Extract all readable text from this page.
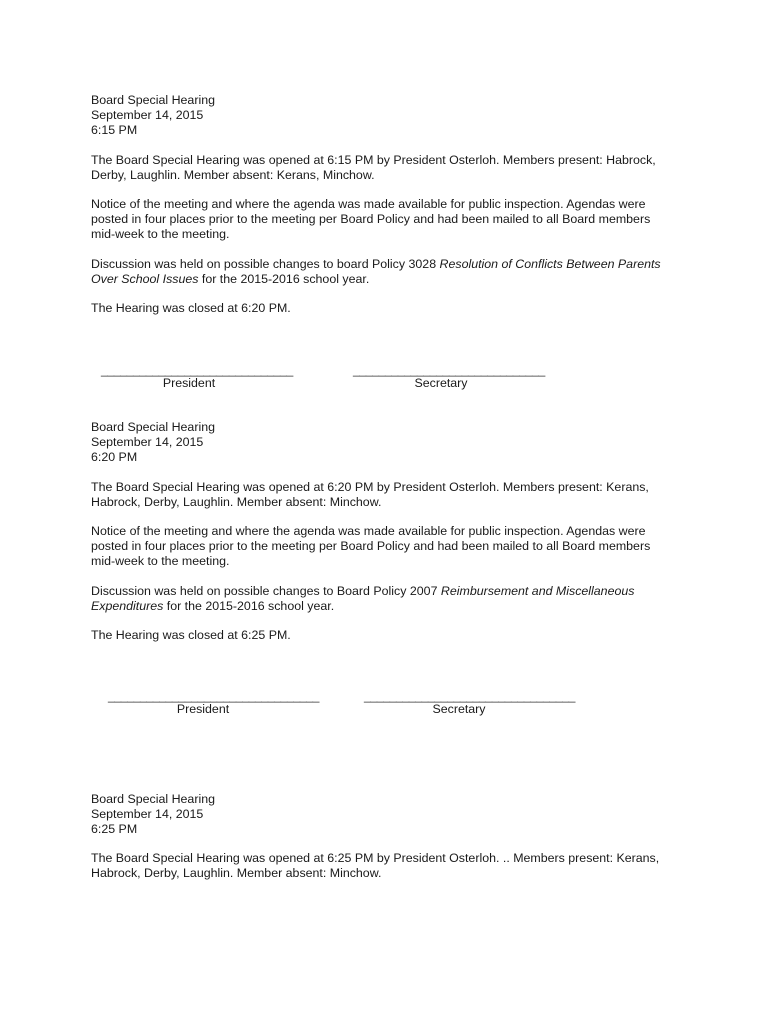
Board Special Hearing
September 14, 2015
6:15 PM
The Board Special Hearing was opened at 6:15 PM by President Osterloh. Members present: Habrock,
Derby, Laughlin. Member absent: Kerans, Minchow.
Notice of the meeting and where the agenda was made available for public inspection. Agendas were
posted in four places prior to the meeting per Board Policy and had been mailed to all Board members
mid-week to the meeting.
Discussion was held on possible changes to board Policy 3028 Resolution of Conflicts Between Parents
Over School Issues for the 2015-2016 school year.
The Hearing was closed at 6:20 PM.
______________________________
President
______________________________
Secretary
Board Special Hearing
September 14, 2015
6:20 PM
The Board Special Hearing was opened at 6:20 PM by President Osterloh. Members present: Kerans,
Habrock, Derby, Laughlin. Member absent: Minchow.
Notice of the meeting and where the agenda was made available for public inspection. Agendas were
posted in four places prior to the meeting per Board Policy and had been mailed to all Board members
mid-week to the meeting.
Discussion was held on possible changes to Board Policy 2007 Reimbursement and Miscellaneous
Expenditures for the 2015-2016 school year.
The Hearing was closed at 6:25 PM.
_________________________________
President
_________________________________
Secretary
Board Special Hearing
September 14, 2015
6:25 PM
The Board Special Hearing was opened at 6:25 PM by President Osterloh. .. Members present: Kerans,
Habrock, Derby, Laughlin. Member absent: Minchow.
